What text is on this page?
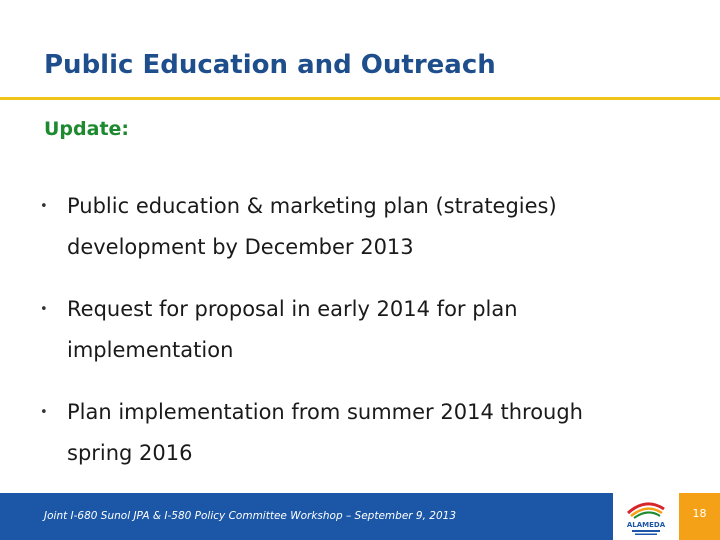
Public Education and Outreach
Update:
• Public education & marketing plan (strategies)
development by December 2013
• Request for proposal in early 2014 for plan
implementation
• Plan implementation from summer 2014 through
spring 2016
Joint I-680 Sunol JPA & I-580 Policy Committee Workshop – September 9, 2013
ALAMEDA
18
